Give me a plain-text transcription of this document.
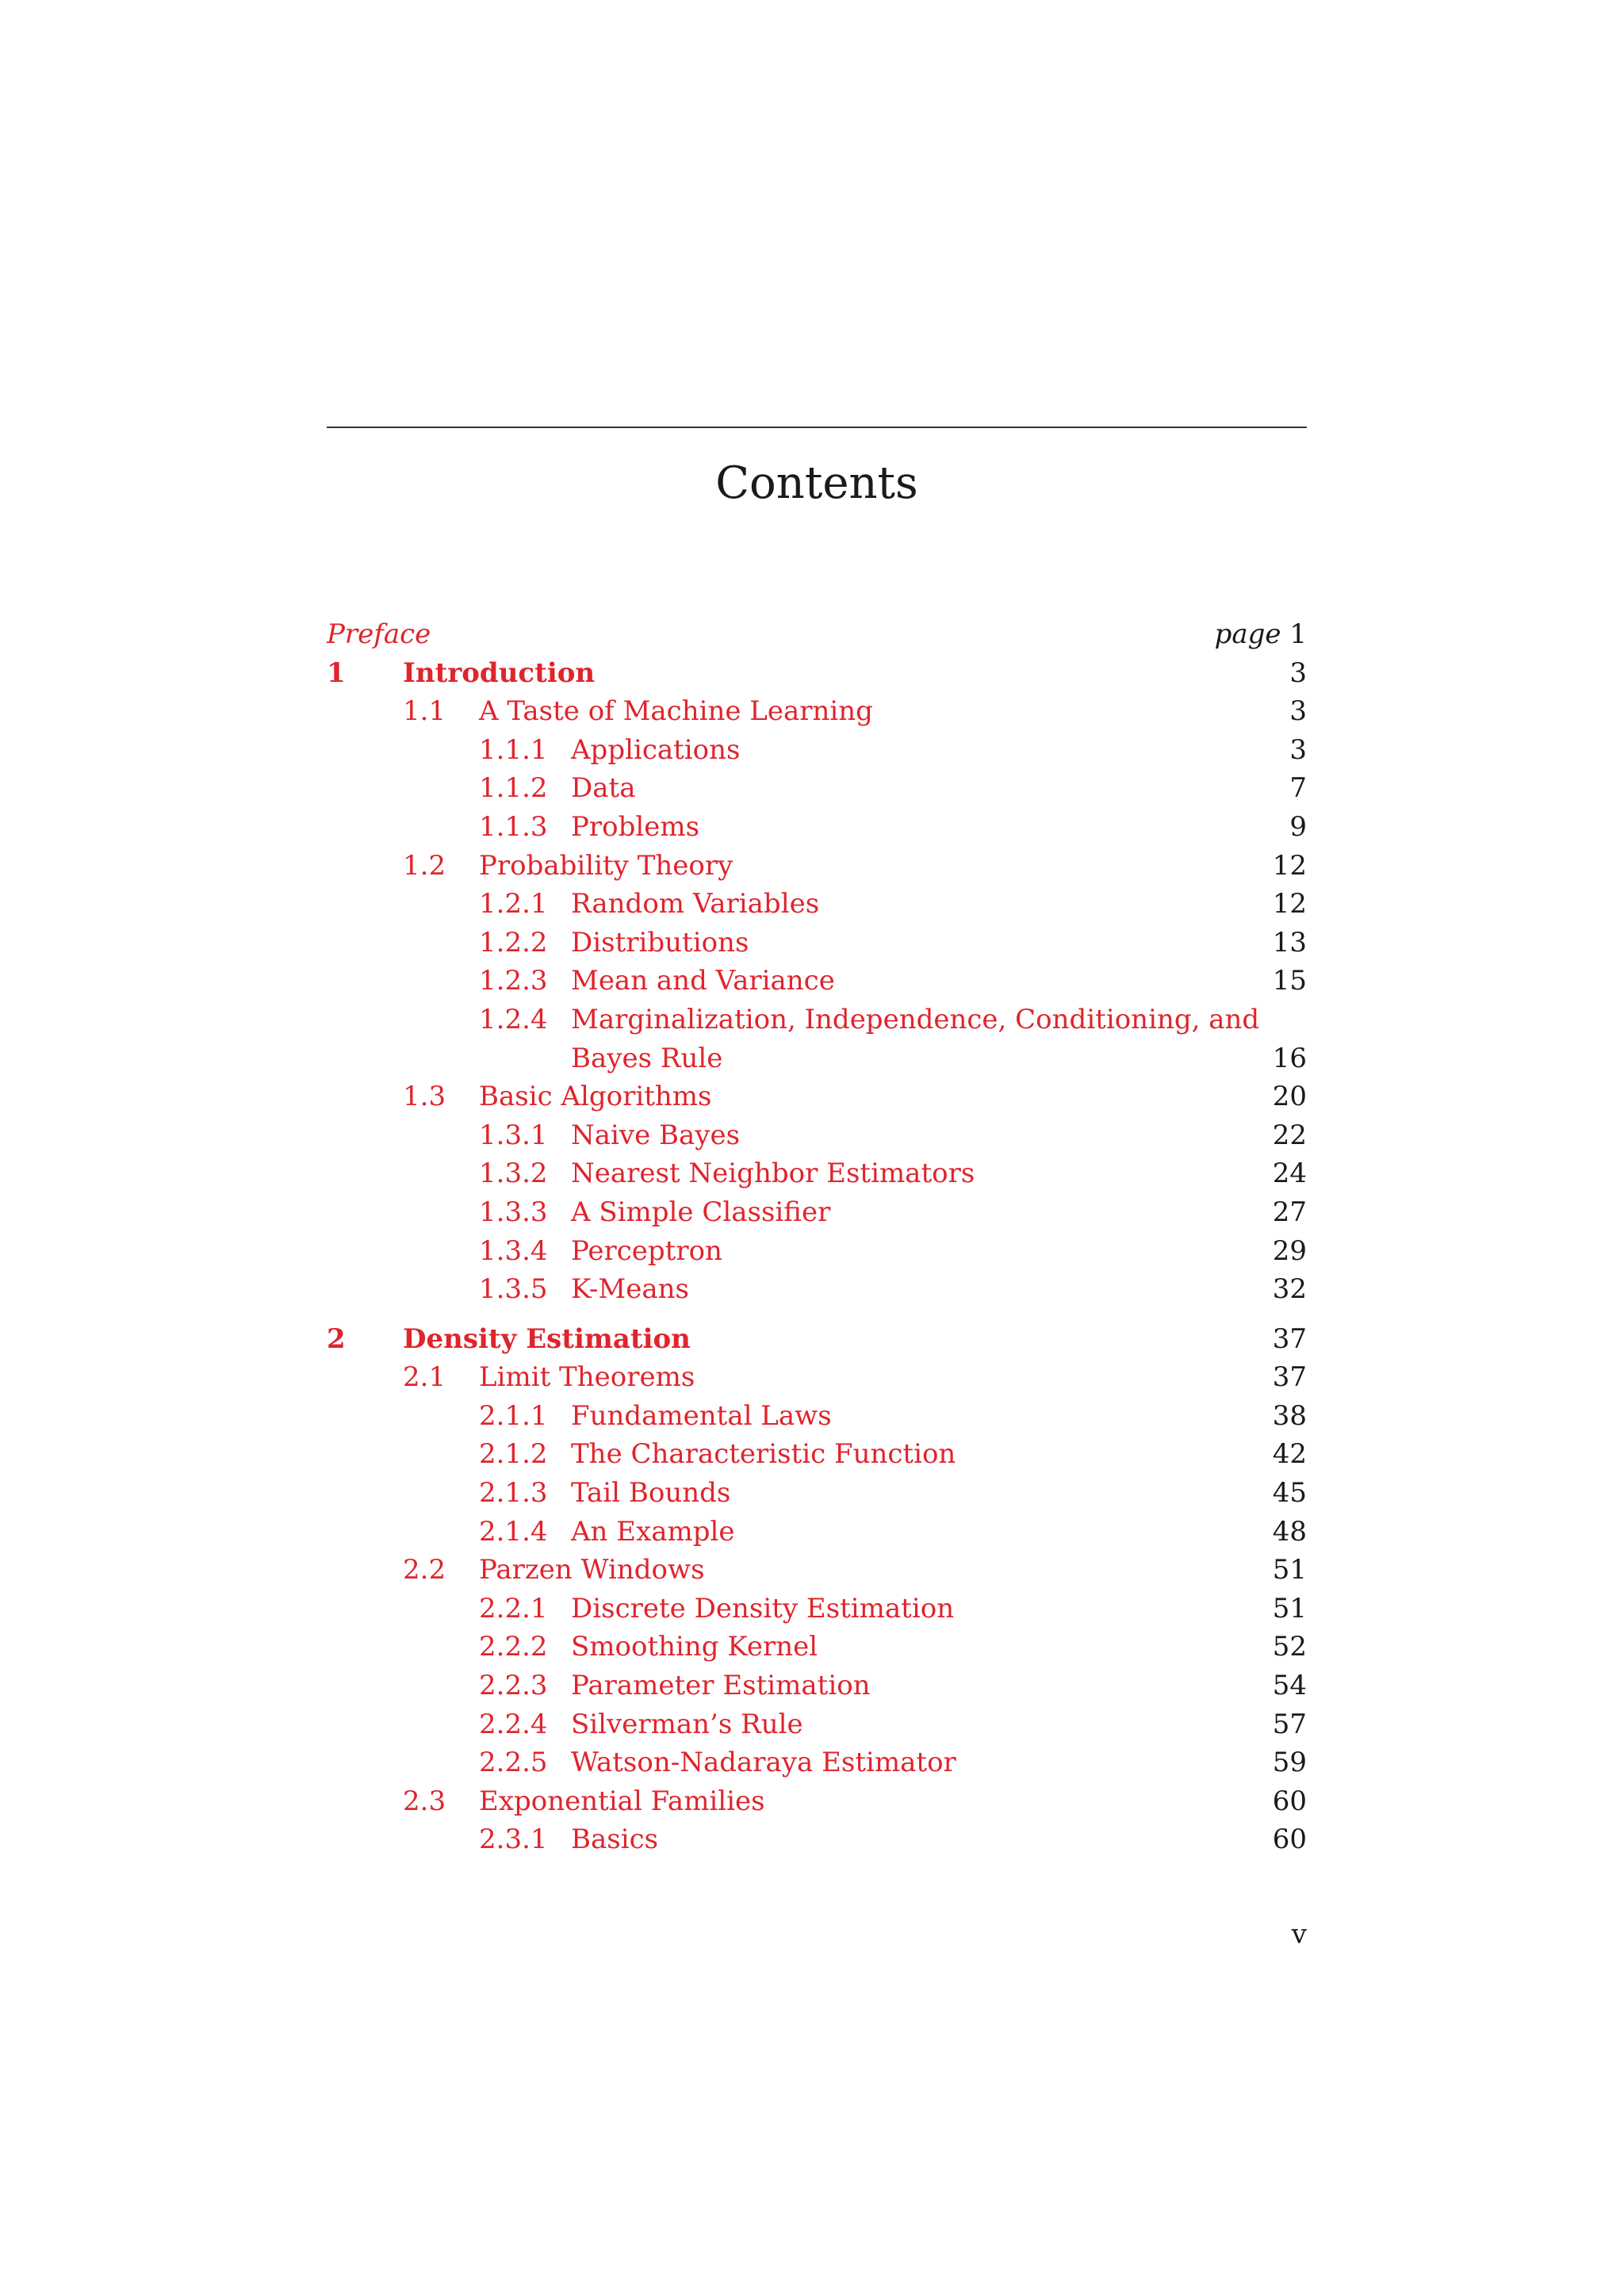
Contents
Preface	page 1
1 Introduction	3
1.1 A Taste of Machine Learning	3
1.1.1 Applications	3
1.1.2 Data	7
1.1.3 Problems	9
1.2 Probability Theory	12
1.2.1 Random Variables	12
1.2.2 Distributions	13
1.2.3 Mean and Variance	15
1.2.4 Marginalization, Independence, Conditioning, and Bayes Rule	16
1.3 Basic Algorithms	20
1.3.1 Naive Bayes	22
1.3.2 Nearest Neighbor Estimators	24
1.3.3 A Simple Classifier	27
1.3.4 Perceptron	29
1.3.5 K-Means	32
2 Density Estimation	37
2.1 Limit Theorems	37
2.1.1 Fundamental Laws	38
2.1.2 The Characteristic Function	42
2.1.3 Tail Bounds	45
2.1.4 An Example	48
2.2 Parzen Windows	51
2.2.1 Discrete Density Estimation	51
2.2.2 Smoothing Kernel	52
2.2.3 Parameter Estimation	54
2.2.4 Silverman’s Rule	57
2.2.5 Watson-Nadaraya Estimator	59
2.3 Exponential Families	60
2.3.1 Basics	60
v
